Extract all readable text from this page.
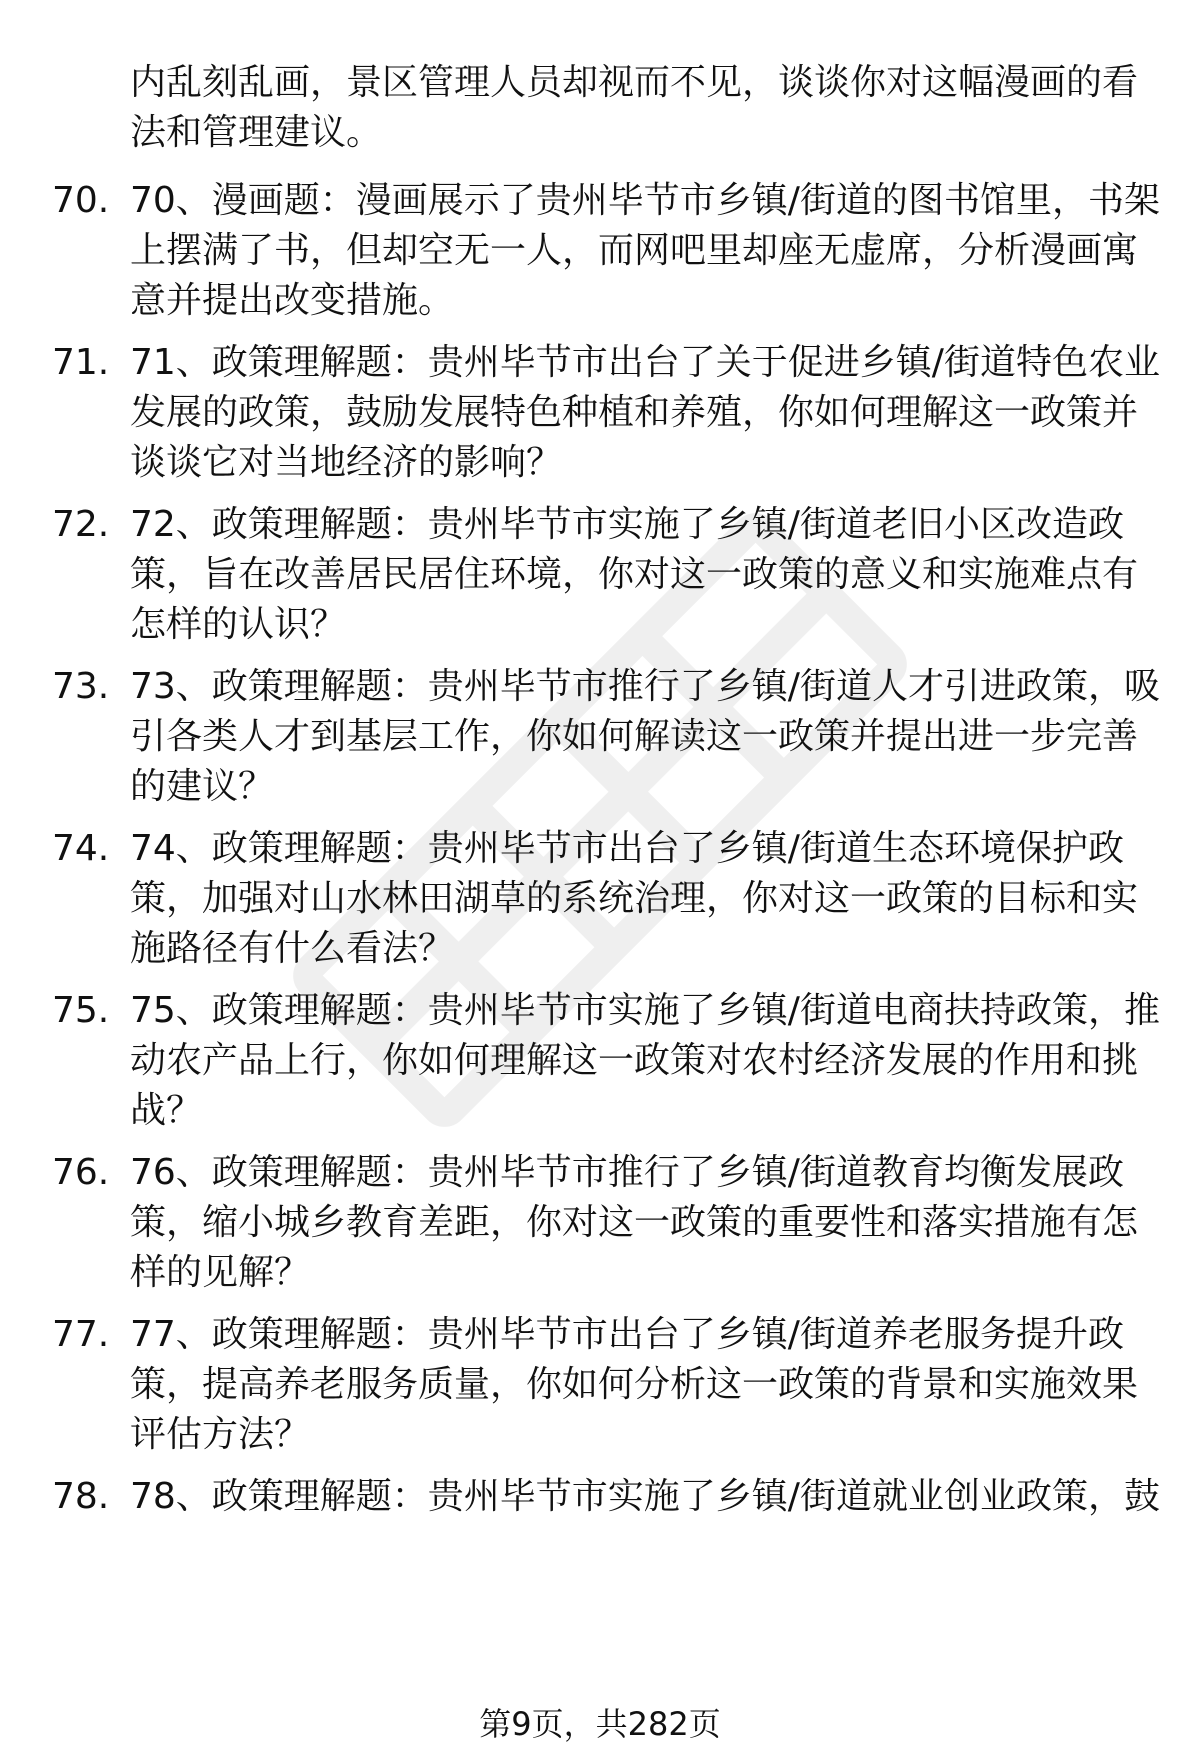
内乱刻乱画，景区管理人员却视而不见，谈谈你对这幅漫画的看法和管理建议。

70. 70、漫画题：漫画展示了贵州毕节市乡镇/街道的图书馆里，书架上摆满了书，但却空无一人，而网吧里却座无虚席，分析漫画寓意并提出改变措施。

71. 71、政策理解题：贵州毕节市出台了关于促进乡镇/街道特色农业发展的政策，鼓励发展特色种植和养殖，你如何理解这一政策并谈谈它对当地经济的影响？

72. 72、政策理解题：贵州毕节市实施了乡镇/街道老旧小区改造政策，旨在改善居民居住环境，你对这一政策的意义和实施难点有怎样的认识？

73. 73、政策理解题：贵州毕节市推行了乡镇/街道人才引进政策，吸引各类人才到基层工作，你如何解读这一政策并提出进一步完善的建议？

74. 74、政策理解题：贵州毕节市出台了乡镇/街道生态环境保护政策，加强对山水林田湖草的系统治理，你对这一政策的目标和实施路径有什么看法？

75. 75、政策理解题：贵州毕节市实施了乡镇/街道电商扶持政策，推动农产品上行，你如何理解这一政策对农村经济发展的作用和挑战？

76. 76、政策理解题：贵州毕节市推行了乡镇/街道教育均衡发展政策，缩小城乡教育差距，你对这一政策的重要性和落实措施有怎样的见解？

77. 77、政策理解题：贵州毕节市出台了乡镇/街道养老服务提升政策，提高养老服务质量，你如何分析这一政策的背景和实施效果评估方法？

78. 78、政策理解题：贵州毕节市实施了乡镇/街道就业创业政策，鼓

第9页，共282页
